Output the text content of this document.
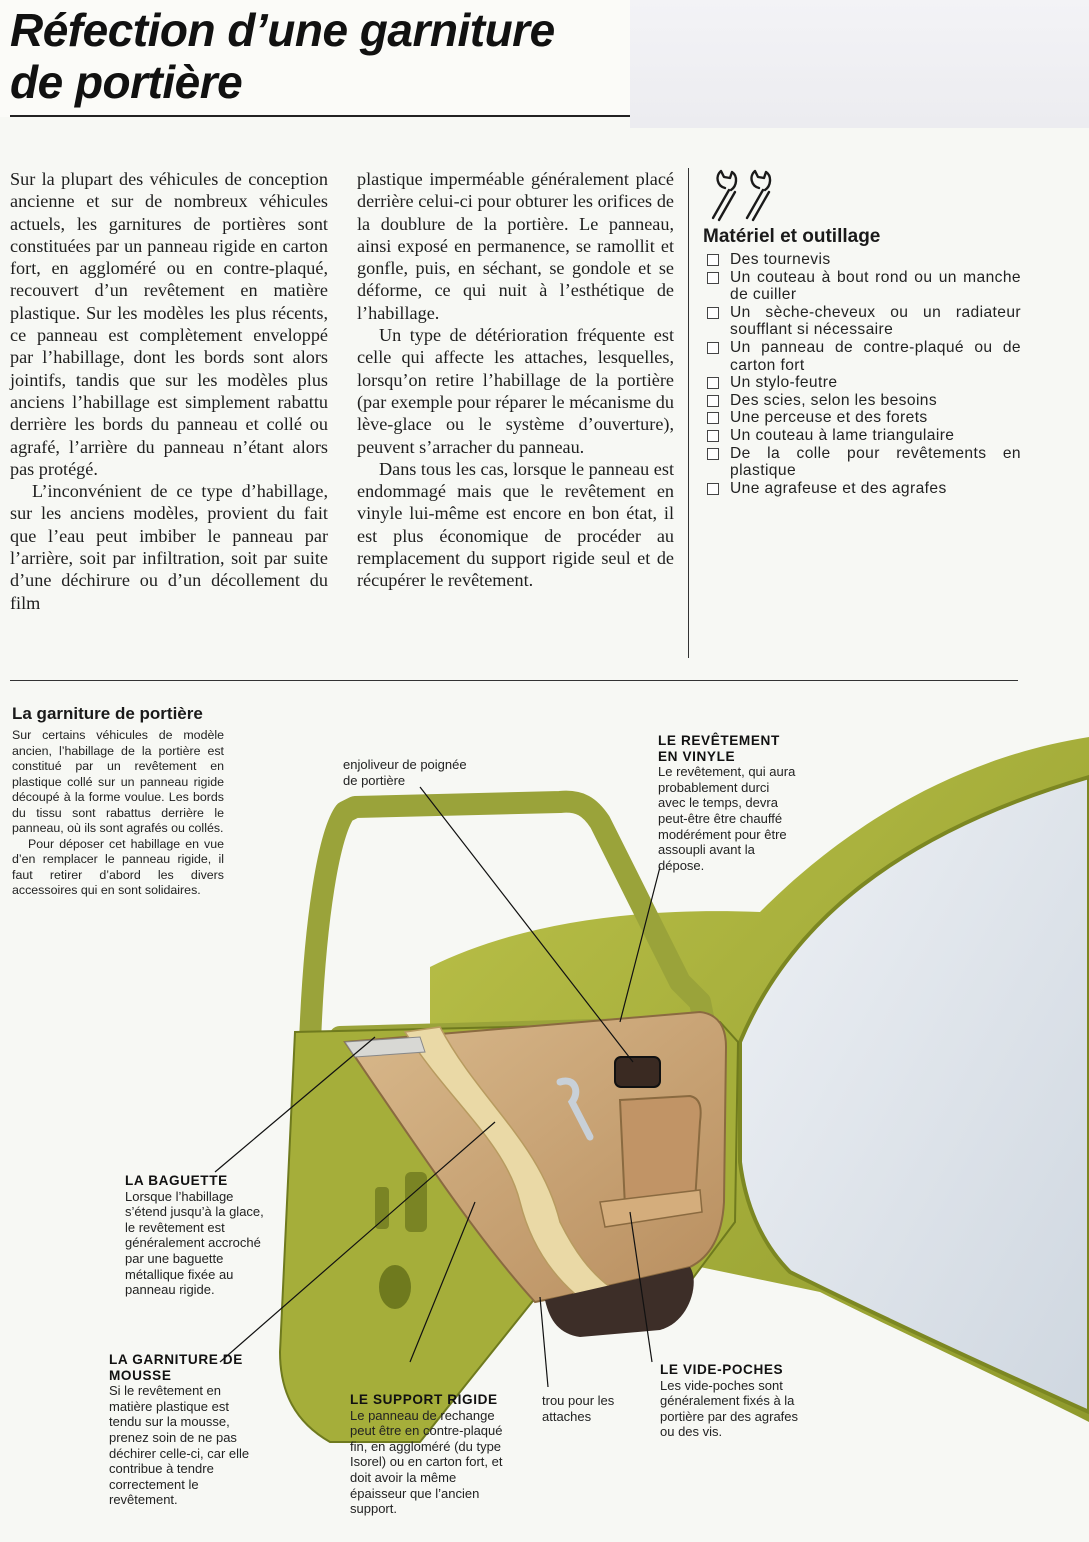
Réfection d’une garniture
de portière

Sur la plupart des véhicules de conception ancienne et sur de nombreux véhicules actuels, les garnitures de portières sont constituées par un panneau rigide en carton fort, en aggloméré ou en contre-plaqué, recouvert d’un revêtement en matière plastique. Sur les modèles les plus récents, ce panneau est complètement enveloppé par l’habillage, dont les bords sont alors jointifs, tandis que sur les modèles plus anciens l’habillage est simplement rabattu derrière les bords du panneau et collé ou agrafé, l’arrière du panneau n’étant alors pas protégé.

L’inconvénient de ce type d’habillage, sur les anciens modèles, provient du fait que l’eau peut imbiber le panneau par l’arrière, soit par infiltration, soit par suite d’une déchirure ou d’un décollement du film

plastique imperméable généralement placé derrière celui-ci pour obturer les orifices de la doublure de la portière. Le panneau, ainsi exposé en permanence, se ramollit et gonfle, puis, en séchant, se gondole et se déforme, ce qui nuit à l’esthétique de l’habillage.

Un type de détérioration fréquente est celle qui affecte les attaches, lesquelles, lorsqu’on retire l’habillage de la portière (par exemple pour réparer le mécanisme du lève-glace ou le système d’ouverture), peuvent s’arracher du panneau.

Dans tous les cas, lorsque le panneau est endommagé mais que le revêtement en vinyle lui-même est encore en bon état, il est plus économique de procéder au remplacement du support rigide seul et de récupérer le revêtement.

Matériel et outillage
Des tournevis
Un couteau à bout rond ou un manche de cuiller
Un sèche-cheveux ou un radiateur soufflant si nécessaire
Un panneau de contre-plaqué ou de carton fort
Un stylo-feutre
Des scies, selon les besoins
Une perceuse et des forets
Un couteau à lame triangulaire
De la colle pour revêtements en plastique
Une agrafeuse et des agrafes
La garniture de portière

Sur certains véhicules de modèle ancien, l’habillage de la portière est constitué par un revêtement en plastique collé sur un panneau rigide découpé à la forme voulue. Les bords du tissu sont rabattus derrière le panneau, où ils sont agrafés ou collés.

Pour déposer cet habillage en vue d’en remplacer le panneau rigide, il faut retirer d’abord les divers accessoires qui en sont solidaires.

enjoliveur de poignée de portière
LE REVÊTEMENT EN VINYLE
Le revêtement, qui aura probablement durci avec le temps, devra peut-être être chauffé modérément pour être assoupli avant la dépose.
LA BAGUETTE
Lorsque l’habillage s’étend jusqu’à la glace, le revêtement est généralement accroché par une baguette métallique fixée au panneau rigide.
LA GARNITURE DE MOUSSE
Si le revêtement en matière plastique est tendu sur la mousse, prenez soin de ne pas déchirer celle-ci, car elle contribue à tendre correctement le revêtement.
LE SUPPORT RIGIDE
Le panneau de rechange peut être en contre-plaqué fin, en aggloméré (du type Isorel) ou en carton fort, et doit avoir la même épaisseur que l’ancien support.
trou pour les attaches
LE VIDE-POCHES
Les vide-poches sont généralement fixés à la portière par des agrafes ou des vis.
